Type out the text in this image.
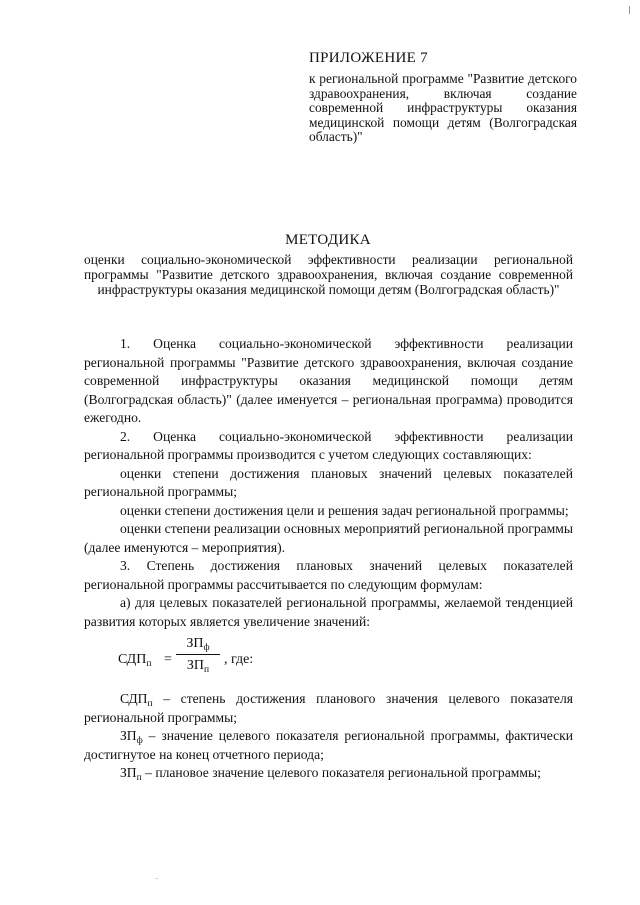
ПРИЛОЖЕНИЕ 7
к региональной программе "Развитие детского здравоохранения, включая создание современной инфраструктуры оказания медицинской помощи детям (Волгоградская область)"
МЕТОДИКА
оценки социально-экономической эффективности реализации региональной программы "Развитие детского здравоохранения, включая создание современной инфраструктуры оказания медицинской помощи детям (Волгоградская область)"

1. Оценка социально-экономической эффективности реализации региональной программы "Развитие детского здравоохранения, включая создание современной инфраструктуры оказания медицинской помощи детям (Волгоградская область)" (далее именуется – региональная программа) проводится ежегодно.

2. Оценка социально-экономической эффективности реализации региональной программы производится с учетом следующих составляющих:

оценки степени достижения плановых значений целевых показателей региональной программы;

оценки степени достижения цели и решения задач региональной программы;

оценки степени реализации основных мероприятий региональной программы (далее именуются – мероприятия).

3. Степень достижения плановых значений целевых показателей региональной программы рассчитывается по следующим формулам:

а) для целевых показателей региональной программы, желаемой тенденцией развития которых является увеличение значений:

$СДП_п$ =
$ЗП_ф$
$ЗП_п$
, где:

$СДП_п$ – степень достижения планового значения целевого показателя региональной программы;

$ЗП_ф$ – значение целевого показателя региональной программы, фактически достигнутое на конец отчетного периода;

$ЗП_п$ – плановое значение целевого показателя региональной программы;

.
